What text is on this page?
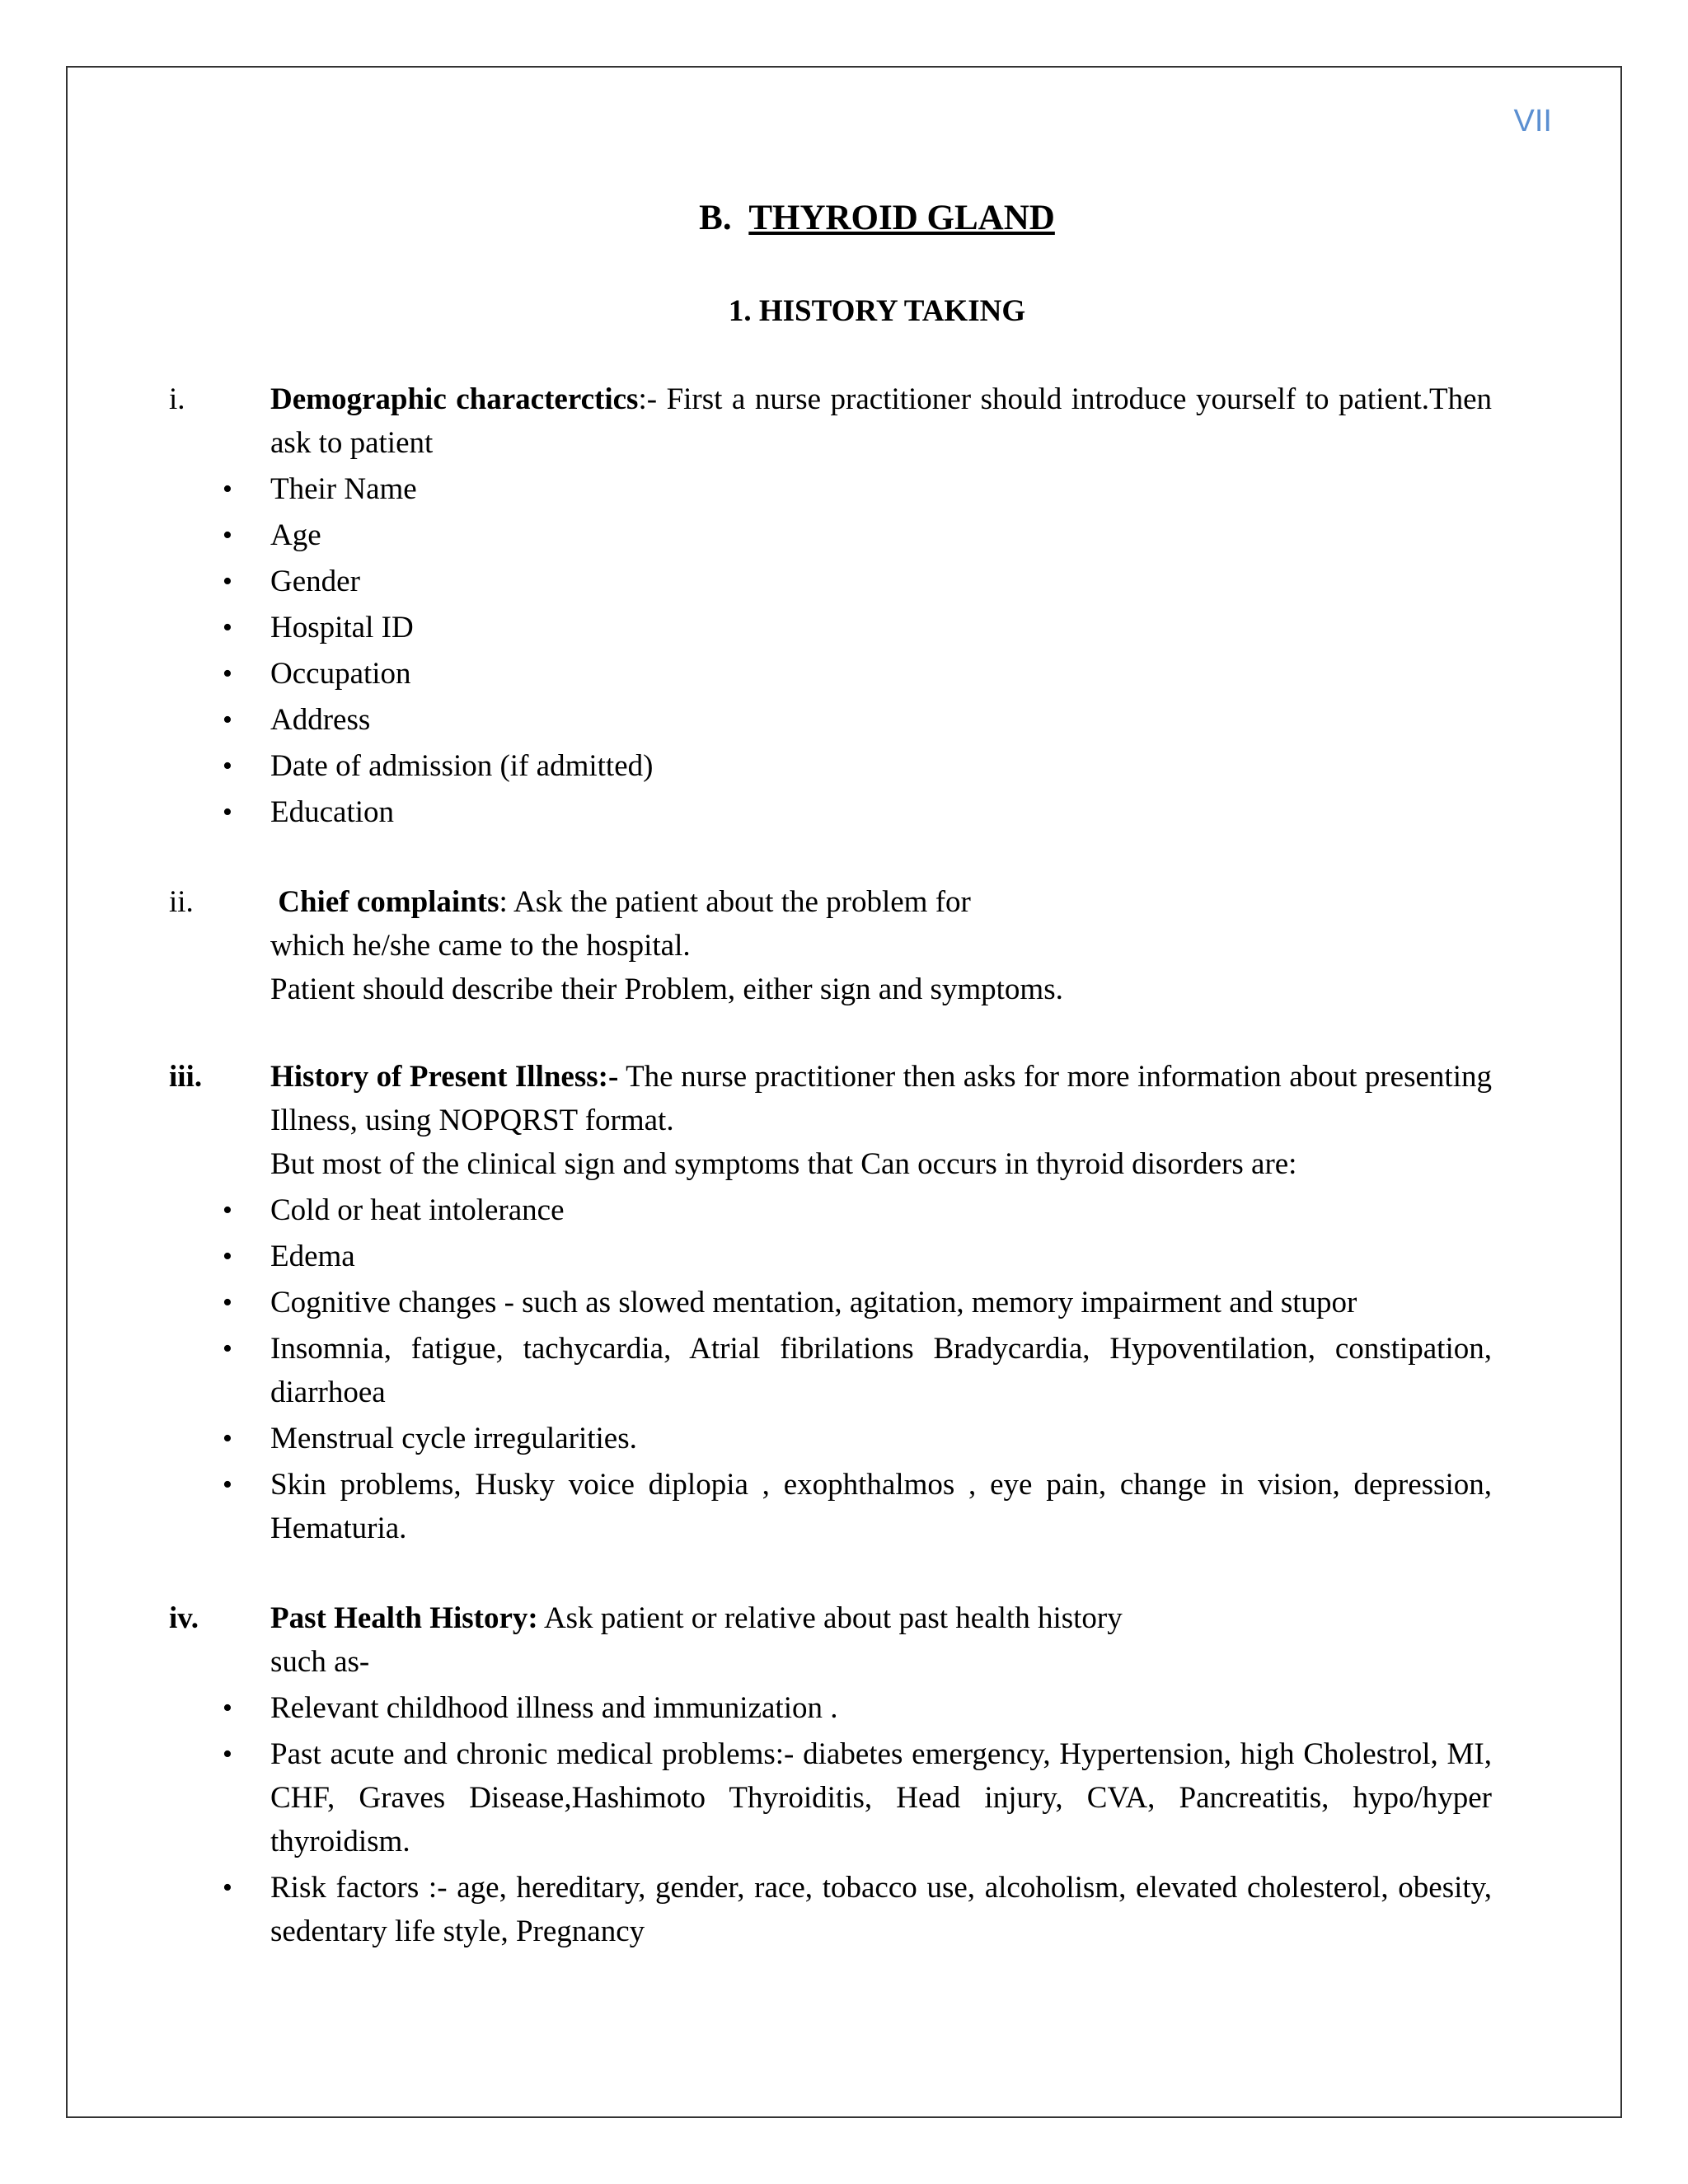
VII
B. THYROID GLAND
1. HISTORY TAKING
i.	Demographic characterctics:- First a nurse practitioner should introduce yourself to patient.Then ask to patient
• Their Name
• Age
• Gender
• Hospital ID
• Occupation
• Address
• Date of admission (if admitted)
• Education
ii.	Chief complaints: Ask the patient about the problem for
which he/she came to the hospital.
Patient should describe their Problem, either sign and symptoms.
iii. History of Present Illness:- The nurse practitioner then asks for more information about presenting Illness, using NOPQRST format.
But most of the clinical sign and symptoms that Can occurs in thyroid disorders are:
• Cold or heat intolerance
• Edema
• Cognitive changes - such as slowed mentation, agitation, memory impairment and stupor
• Insomnia, fatigue, tachycardia, Atrial fibrilations Bradycardia, Hypoventilation, constipation, diarrhoea
• Menstrual cycle irregularities.
• Skin problems, Husky voice diplopia , exophthalmos , eye pain, change in vision, depression, Hematuria.
iv. Past Health History: Ask patient or relative about past health history
such as-
• Relevant childhood illness and immunization .
• Past acute and chronic medical problems:- diabetes emergency, Hypertension, high Cholestrol, MI, CHF, Graves Disease,Hashimoto Thyroiditis, Head injury, CVA, Pancreatitis, hypo/hyper thyroidism.
• Risk factors :- age, hereditary, gender, race, tobacco use, alcoholism, elevated cholesterol, obesity, sedentary life style, Pregnancy
